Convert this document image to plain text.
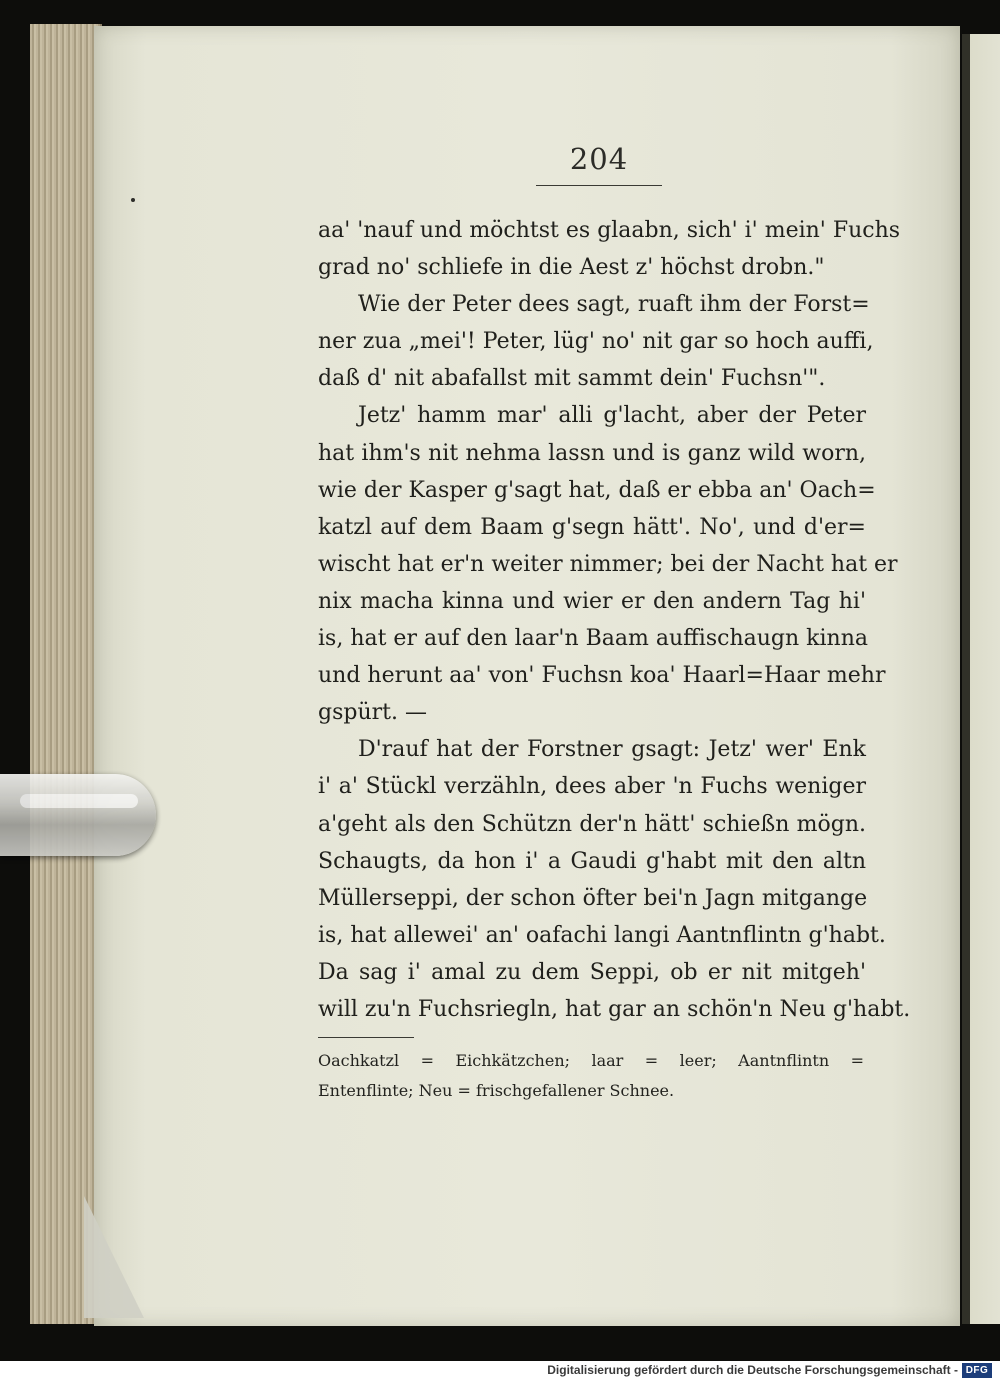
204
aa' 'nauf und möchtst es glaabn, sich' i' mein' Fuchs
grad no' schliefe in die Aest z' höchst drobn."
Wie der Peter dees sagt, ruaft ihm der Forst=
ner zua „mei'! Peter, lüg' no' nit gar so hoch auffi,
daß d' nit abafallst mit sammt dein' Fuchsn'".
Jetz' hamm mar' alli g'lacht, aber der Peter
hat ihm's nit nehma lassn und is ganz wild worn,
wie der Kasper g'sagt hat, daß er ebba an' Oach=
katzl auf dem Baam g'segn hätt'. No', und d'er=
wischt hat er'n weiter nimmer; bei der Nacht hat er
nix macha kinna und wier er den andern Tag hi'
is, hat er auf den laar'n Baam auffischaugn kinna
und herunt aa' von' Fuchsn koa' Haarl=Haar mehr
gspürt. —
D'rauf hat der Forstner gsagt: Jetz' wer' Enk
i' a' Stückl verzähln, dees aber 'n Fuchs weniger
a'geht als den Schützn der'n hätt' schießn mögn.
Schaugts, da hon i' a Gaudi g'habt mit den altn
Müllerseppi, der schon öfter bei'n Jagn mitgange
is, hat allewei' an' oafachi langi Aantnflintn g'habt.
Da sag i' amal zu dem Seppi, ob er nit mitgeh'
will zu'n Fuchsriegln, hat gar an schön'n Neu g'habt.
Oachkatzl = Eichkätzchen; laar = leer; Aantnflintn =
Entenflinte; Neu = frischgefallener Schnee.
Digitalisierung gefördert durch die Deutsche Forschungsgemeinschaft - DFG
